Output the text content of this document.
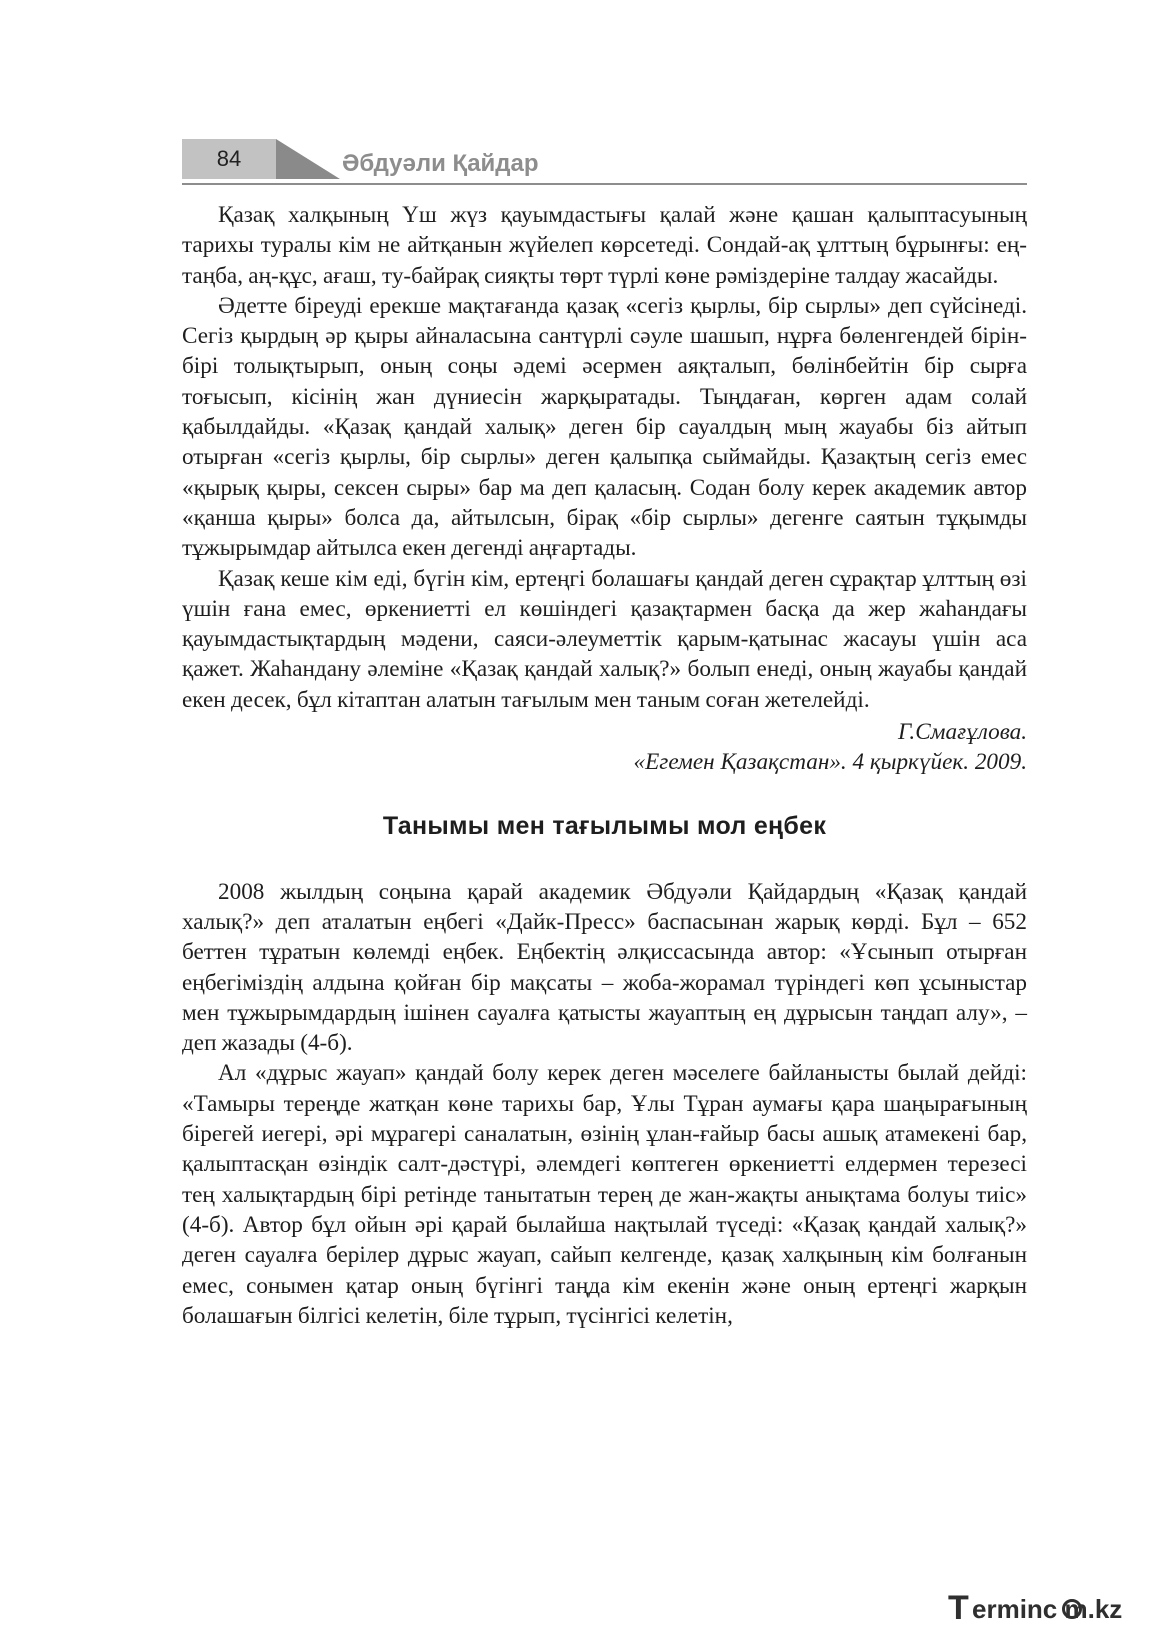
84	Әбдуәли Қайдар

Қазақ халқының Үш жүз қауымдастығы қалай және қашан қалыптасуының тарихы туралы кім не айтқанын жүйелеп көрсетеді. Сондай-ақ ұлттың бұрынғы: ең-таңба, аң-құс, ағаш, ту-байрақ сияқты төрт түрлі көне рәміздеріне талдау жасайды.

Әдетте біреуді ерекше мақтағанда қазақ «сегіз қырлы, бір сырлы» деп сүйсінеді. Сегіз қырдың әр қыры айналасына сантүрлі сәуле шашып, нұрға бөленгендей бірін-бірі толықтырып, оның соңы әдемі әсермен аяқталып, бөлінбейтін бір сырға тоғысып, кісінің жан дүниесін жарқыратады. Тыңдаған, көрген адам солай қабылдайды. «Қазақ қандай халық» деген бір сауалдың мың жауабы біз айтып отырған «сегіз қырлы, бір сырлы» деген қалыпқа сыймайды. Қазақтың сегіз емес «қырық қыры, сексен сыры» бар ма деп қаласың. Содан болу керек академик автор «қанша қыры» болса да, айтылсын, бірақ «бір сырлы» дегенге саятын тұқымды тұжырымдар айтылса екен дегенді аңғартады.

Қазақ кеше кім еді, бүгін кім, ертеңгі болашағы қандай деген сұрақтар ұлттың өзі үшін ғана емес, өркениетті ел көшіндегі қазақтармен басқа да жер жаһандағы қауымдастықтардың мәдени, саяси-әлеуметтік қарым-қатынас жасауы үшін аса қажет. Жаһандану әлеміне «Қазақ қандай халық?» болып енеді, оның жауабы қандай екен десек, бұл кітаптан алатын тағылым мен таным соған жетелейді.

Г.Смағұлова.
«Егемен Қазақстан». 4 қыркүйек. 2009.
Танымы мен тағылымы мол еңбек

2008 жылдың соңына қарай академик Әбдуәли Қайдардың «Қазақ қандай халық?» деп аталатын еңбегі «Дайк-Пресс» баспасынан жарық көрді. Бұл – 652 беттен тұратын көлемді еңбек. Еңбектің әлқиссасында автор: «Ұсынып отырған еңбегіміздің алдына қойған бір мақсаты – жоба-жорамал түріндегі көп ұсыныстар мен тұжырымдардың ішінен сауалға қатысты жауаптың ең дұрысын таңдап алу», – деп жазады (4-б).

Ал «дұрыс жауап» қандай болу керек деген мәселеге байланысты былай дейді: «Тамыры тереңде жатқан көне тарихы бар, Ұлы Тұран аумағы қара шаңырағының бірегей иегері, әрі мұрагері саналатын, өзінің ұлан-ғайыр басы ашық атамекені бар, қалыптасқан өзіндік салт-дәстүрі, әлемдегі көптеген өркениетті елдермен терезесі тең халықтардың бірі ретінде танытатын терең де жан-жақты анықтама болуы тиіс» (4-б). Автор бұл ойын әрі қарай былайша нақтылай түседі: «Қазақ қандай халық?» деген сауалға берілер дұрыс жауап, сайып келгенде, қазақ халқының кім болғанын емес, сонымен қатар оның бүгінгі таңда кім екенін және оның ертеңгі жарқын болашағын білгісі келетін, біле тұрып, түсінгісі келетін,

T erminc m.kz
